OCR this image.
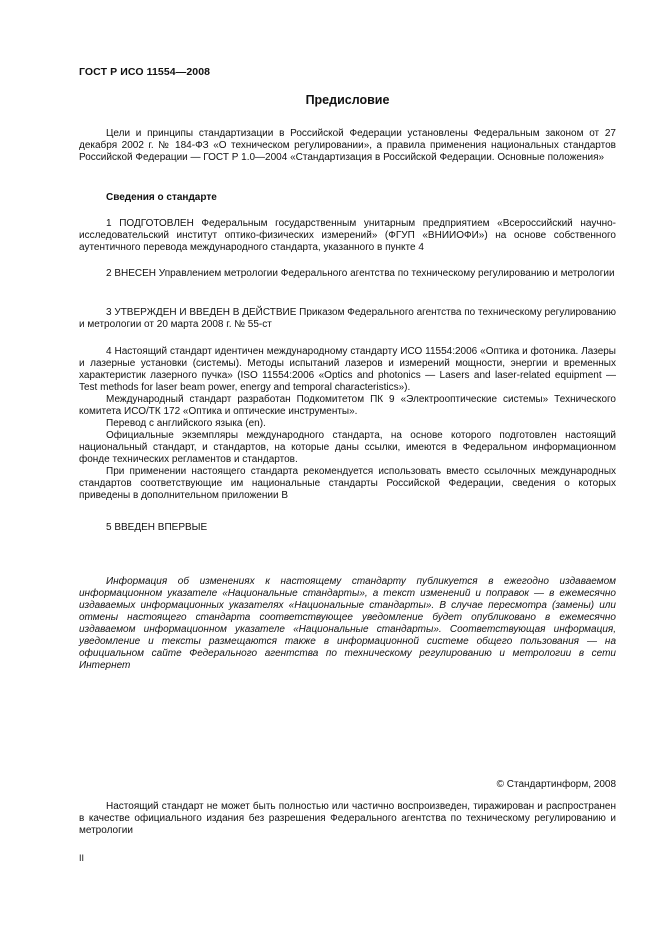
ГОСТ Р ИСО 11554—2008
Предисловие

Цели и принципы стандартизации в Российской Федерации установлены Федеральным законом от 27 декабря 2002 г. № 184-ФЗ «О техническом регулировании», а правила применения национальных стандартов Российской Федерации — ГОСТ Р 1.0—2004 «Стандартизация в Российской Федерации. Основные положения»

Сведения о стандарте

1 ПОДГОТОВЛЕН Федеральным государственным унитарным предприятием «Всероссийский научно-исследовательский институт оптико-физических измерений» (ФГУП «ВНИИОФИ») на основе собственного аутентичного перевода международного стандарта, указанного в пункте 4

2 ВНЕСЕН Управлением метрологии Федерального агентства по техническому регулированию и метрологии

3 УТВЕРЖДЕН И ВВЕДЕН В ДЕЙСТВИЕ Приказом Федерального агентства по техническому регулированию и метрологии от 20 марта 2008 г. № 55-ст

4 Настоящий стандарт идентичен международному стандарту ИСО 11554:2006 «Оптика и фотоника. Лазеры и лазерные установки (системы). Методы испытаний лазеров и измерений мощности, энергии и временных характеристик лазерного пучка» (ISO 11554:2006 «Optics and photonics — Lasers and laser-related equipment — Test methods for laser beam power, energy and temporal characteristics»).

Международный стандарт разработан Подкомитетом ПК 9 «Электрооптические системы» Технического комитета ИСО/ТК 172 «Оптика и оптические инструменты».

Перевод с английского языка (en).

Официальные экземпляры международного стандарта, на основе которого подготовлен настоящий национальный стандарт, и стандартов, на которые даны ссылки, имеются в Федеральном информационном фонде технических регламентов и стандартов.

При применении настоящего стандарта рекомендуется использовать вместо ссылочных международных стандартов соответствующие им национальные стандарты Российской Федерации, сведения о которых приведены в дополнительном приложении В

5 ВВЕДЕН ВПЕРВЫЕ

Информация об изменениях к настоящему стандарту публикуется в ежегодно издаваемом информационном указателе «Национальные стандарты», а текст изменений и поправок — в ежемесячно издаваемых информационных указателях «Национальные стандарты». В случае пересмотра (замены) или отмены настоящего стандарта соответствующее уведомление будет опубликовано в ежемесячно издаваемом информационном указателе «Национальные стандарты». Соответствующая информация, уведомление и тексты размещаются также в информационной системе общего пользования — на официальном сайте Федерального агентства по техническому регулированию и метрологии в сети Интернет

© Стандартинформ, 2008

Настоящий стандарт не может быть полностью или частично воспроизведен, тиражирован и распространен в качестве официального издания без разрешения Федерального агентства по техническому регулированию и метрологии

II
